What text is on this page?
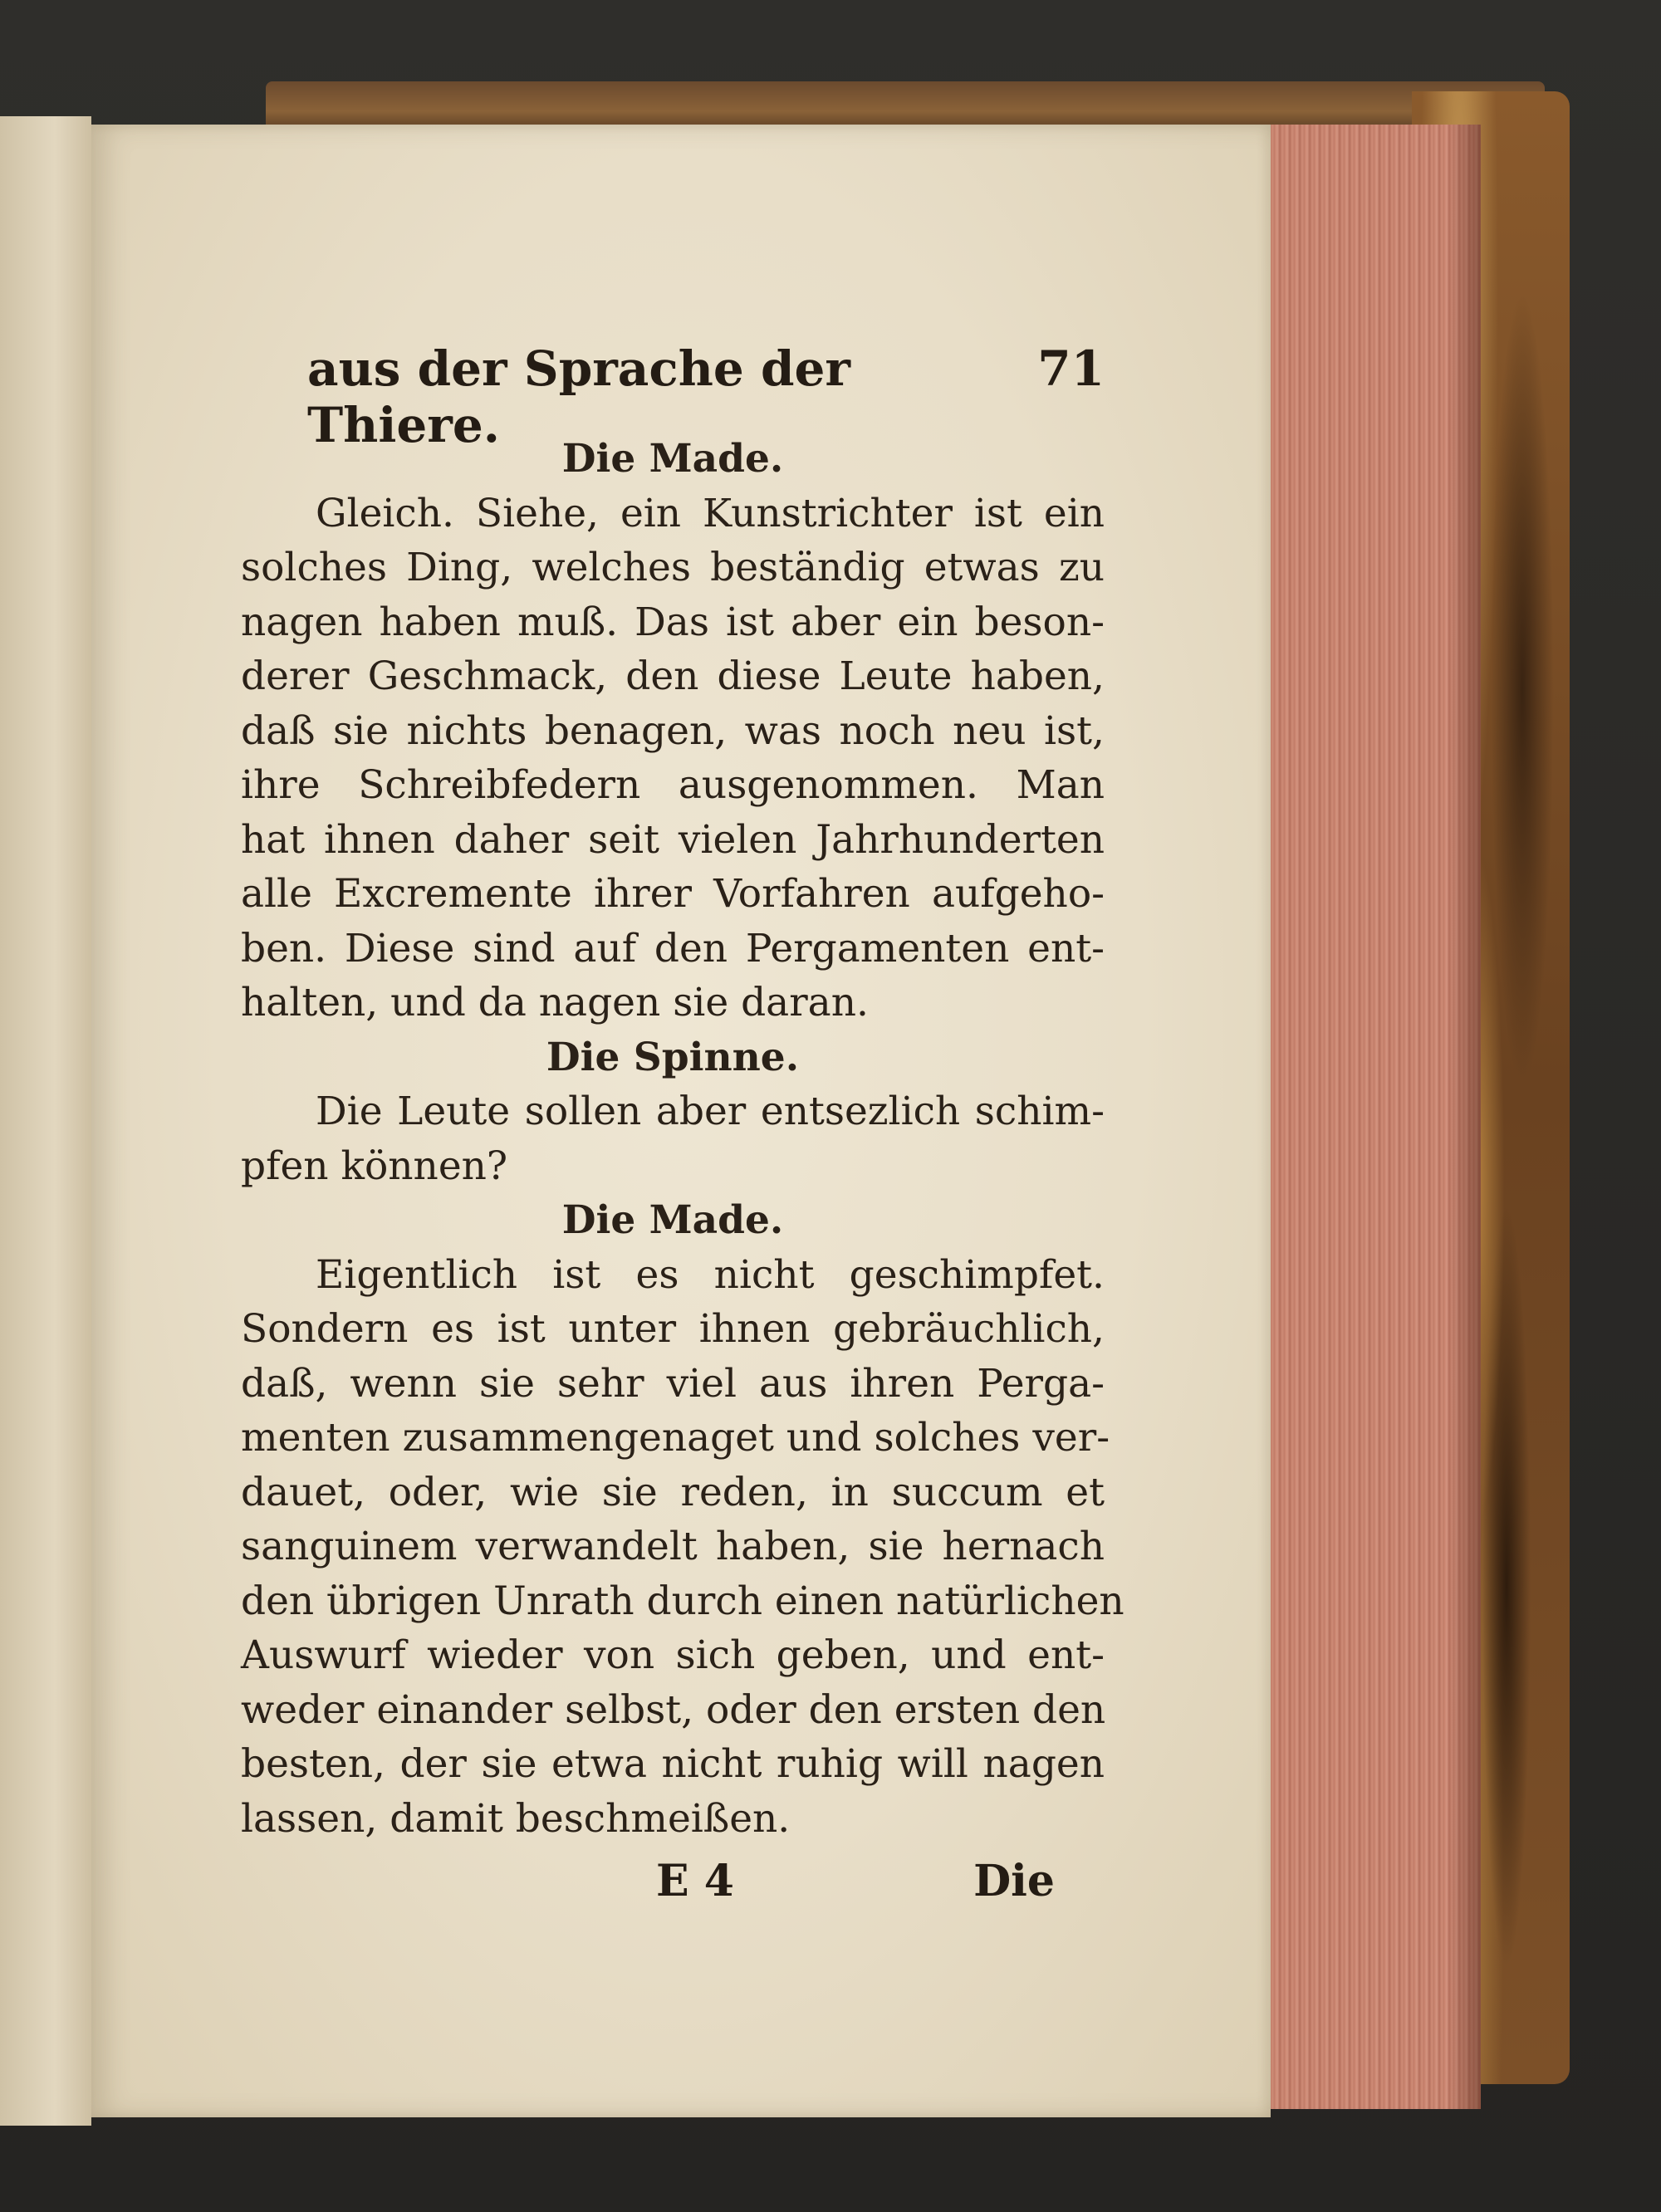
aus der Sprache der Thiere.
71
Die Made.
Gleich. Siehe, ein Kunstrichter ist ein
solches Ding, welches beständig etwas zu
nagen haben muß. Das ist aber ein beson-
derer Geschmack, den diese Leute haben,
daß sie nichts benagen, was noch neu ist,
ihre Schreibfedern ausgenommen. Man
hat ihnen daher seit vielen Jahrhunderten
alle Excremente ihrer Vorfahren aufgeho-
ben. Diese sind auf den Pergamenten ent-
halten, und da nagen sie daran.
Die Spinne.
Die Leute sollen aber entsezlich schim-
pfen können?
Die Made.
Eigentlich ist es nicht geschimpfet.
Sondern es ist unter ihnen gebräuchlich,
daß, wenn sie sehr viel aus ihren Perga-
menten zusammengenaget und solches ver-
dauet, oder, wie sie reden, in succum et
sanguinem verwandelt haben, sie hernach
den übrigen Unrath durch einen natürlichen
Auswurf wieder von sich geben, und ent-
weder einander selbst, oder den ersten den
besten, der sie etwa nicht ruhig will nagen
lassen, damit beschmeißen.
E 4	Die
